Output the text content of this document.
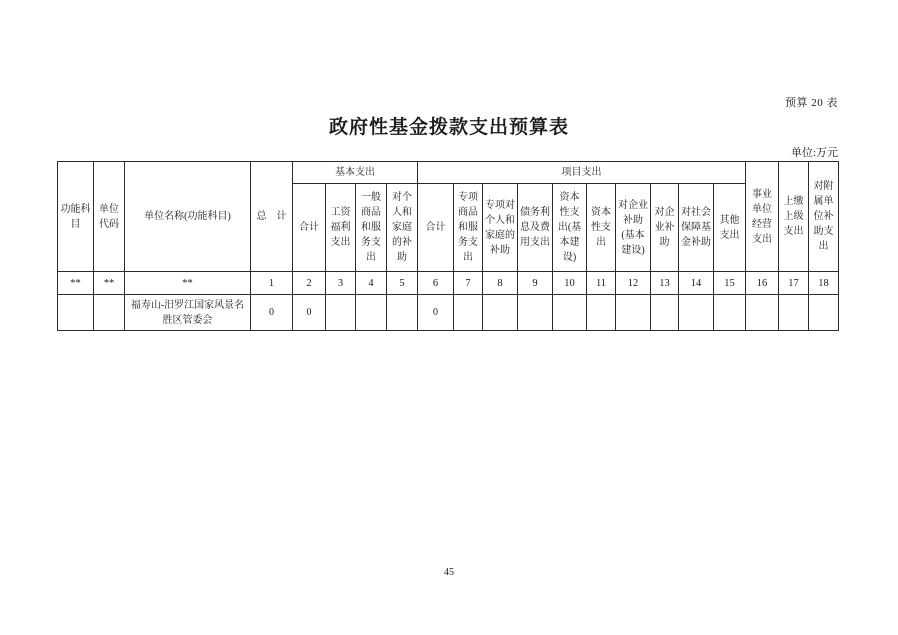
预算 20 表
政府性基金拨款支出预算表
单位:万元
功能科目	单位代码	单位名称(功能科目)	总　计	基本支出				项目支出										事业单位经营支出	上缴上级支出	对附属单位补助支出
				合计	工资福利支出	一般商品和服务支出	对个人和家庭的补助	合计	专项商品和服务支出	专项对个人和家庭的补助	债务利息及费用支出	资本性支出(基本建设)	资本性支出	对企业补助(基本建设)	对企业补助	对社会保障基金补助	其他支出			
**	**	**	1	2	3	4	5	6	7	8	9	10	11	12	13	14	15	16	17	18
		福寿山-汨罗江国家风景名胜区管委会	0	0				0												
45
